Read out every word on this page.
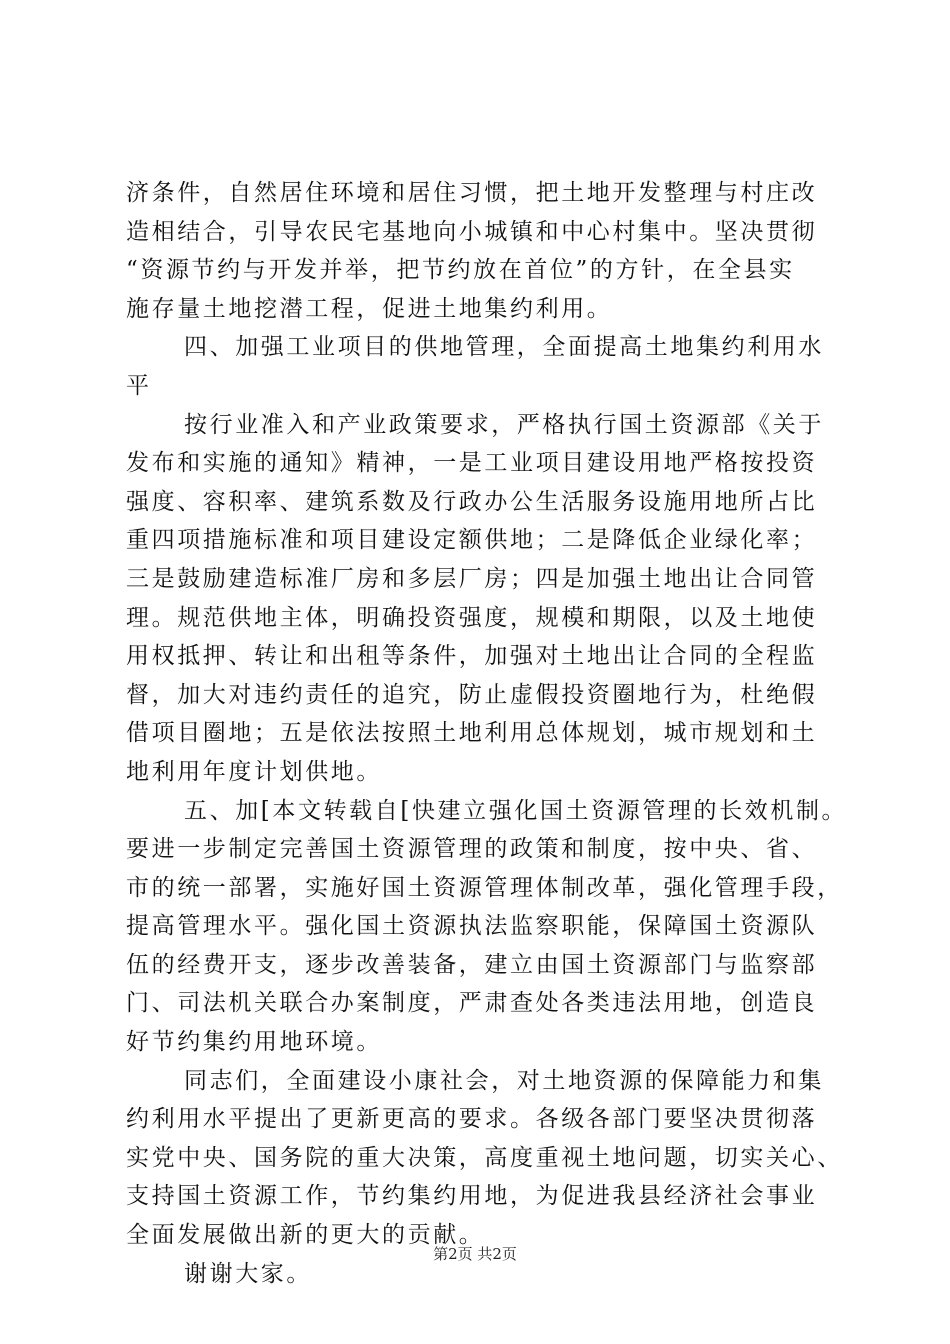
济条件，自然居住环境和居住习惯，把土地开发整理与村庄改
造相结合，引导农民宅基地向小城镇和中心村集中。坚决贯彻
“资源节约与开发并举，把节约放在首位”的方针，在全县实
施存量土地挖潜工程，促进土地集约利用。
四、加强工业项目的供地管理，全面提高土地集约利用水
平
按行业准入和产业政策要求，严格执行国土资源部《关于
发布和实施的通知》精神，一是工业项目建设用地严格按投资
强度、容积率、建筑系数及行政办公生活服务设施用地所占比
重四项措施标准和项目建设定额供地；二是降低企业绿化率；
三是鼓励建造标准厂房和多层厂房；四是加强土地出让合同管
理。规范供地主体，明确投资强度，规模和期限，以及土地使
用权抵押、转让和出租等条件，加强对土地出让合同的全程监
督，加大对违约责任的追究，防止虚假投资圈地行为，杜绝假
借项目圈地；五是依法按照土地利用总体规划，城市规划和土
地利用年度计划供地。
五、加[本文转载自[快建立强化国土资源管理的长效机制。
要进一步制定完善国土资源管理的政策和制度，按中央、省、
市的统一部署，实施好国土资源管理体制改革，强化管理手段，
提高管理水平。强化国土资源执法监察职能，保障国土资源队
伍的经费开支，逐步改善装备，建立由国土资源部门与监察部
门、司法机关联合办案制度，严肃查处各类违法用地，创造良
好节约集约用地环境。
同志们，全面建设小康社会，对土地资源的保障能力和集
约利用水平提出了更新更高的要求。各级各部门要坚决贯彻落
实党中央、国务院的重大决策，高度重视土地问题，切实关心、
支持国土资源工作，节约集约用地，为促进我县经济社会事业
全面发展做出新的更大的贡献。
谢谢大家。
第2页 共2页
